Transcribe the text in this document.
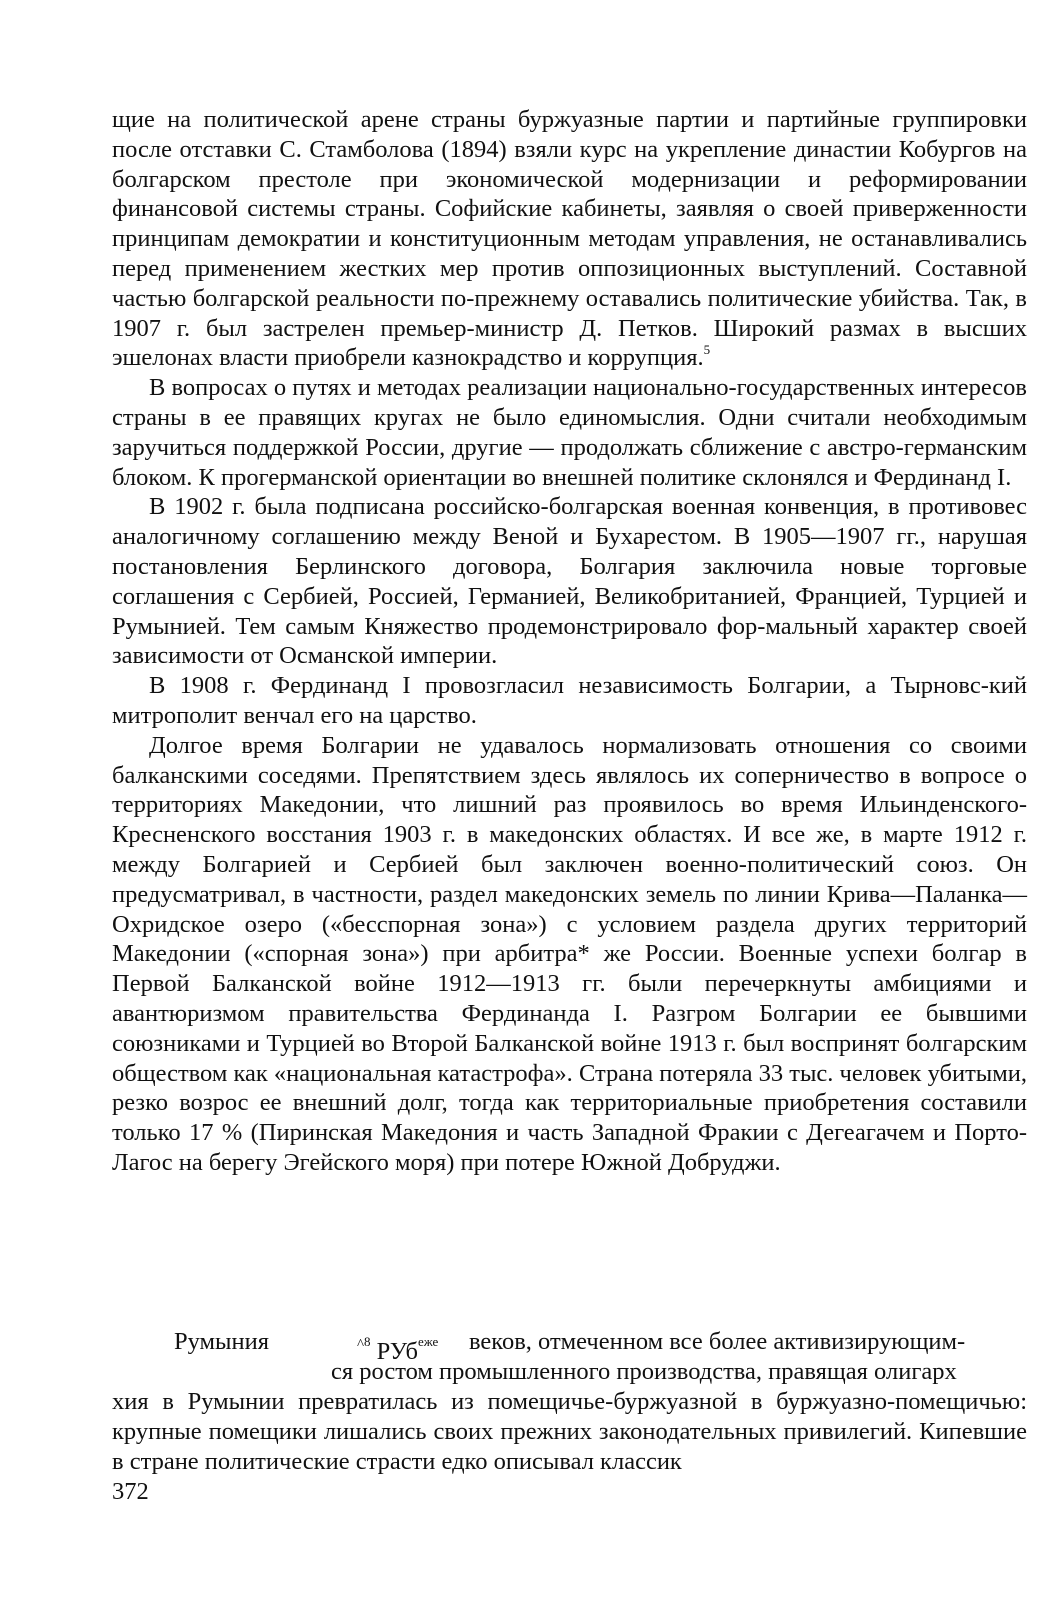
щие на политической арене страны буржуазные партии и партийные группировки после отставки С. Стамболова (1894) взяли курс на укрепление династии Кобургов на болгарском престоле при экономической модернизации и реформировании финансовой системы страны. Софийские кабинеты, заявляя о своей приверженности принципам демократии и конституционным методам управления, не останавливались перед применением жестких мер против оппозиционных выступлений. Составной частью болгарской реальности по-прежнему оставались политические убийства. Так, в 1907 г. был застрелен премьер-министр Д. Петков. Широкий размах в высших эшелонах власти приобрели казнокрадство и коррупция.$^5$

В вопросах о путях и методах реализации национально-государственных интересов страны в ее правящих кругах не было единомыслия. Одни считали необходимым заручиться поддержкой России, другие — продолжать сближение с австро-германским блоком. К прогерманской ориентации во внешней политике склонялся и Фердинанд I.

В 1902 г. была подписана российско-болгарская военная конвенция, в противовес аналогичному соглашению между Веной и Бухарестом. В 1905—1907 гг., нарушая постановления Берлинского договора, Болгария заключила новые торговые соглашения с Сербией, Россией, Германией, Великобританией, Францией, Турцией и Румынией. Тем самым Княжество продемонстрировало фор-мальный характер своей зависимости от Османской империи.

В 1908 г. Фердинанд I провозгласил независимость Болгарии, а Тырновс-кий митрополит венчал его на царство.

Долгое время Болгарии не удавалось нормализовать отношения со своими балканскими соседями. Препятствием здесь являлось их соперничество в вопросе о территориях Македонии, что лишний раз проявилось во время Ильинденского-Кресненского восстания 1903 г. в македонских областях. И все же, в марте 1912 г. между Болгарией и Сербией был заключен военно-политический союз. Он предусматривал, в частности, раздел македонских земель по линии Крива—Паланка—Охридское озеро («бесспорная зона») с условием раздела других территорий Македонии («спорная зона») при арбитра* же России. Военные успехи болгар в Первой Балканской войне 1912—1913 гг. были перечеркнуты амбициями и авантюризмом правительства Фердинанда I. Разгром Болгарии ее бывшими союзниками и Турцией во Второй Балканской войне 1913 г. был воспринят болгарским обществом как «национальная катастрофа». Страна потеряла 33 тыс. человек убитыми, резко возрос ее внешний долг, тогда как территориальные приобретения составили только 17 % (Пиринская Македония и часть Западной Фракии с Дегеагачем и Порто-Лагос на берегу Эгейского моря) при потере Южной Добруджи.

Румыния	$^{\^{}8}$ РУб$^{еже}$ веков, отмеченном все более активизирующим-
ся ростом промышленного производства, правящая олигарх

хия в Румынии превратилась из помещичье-буржуазной в буржуазно-помещичью: крупные помещики лишались своих прежних законодательных привилегий. Кипевшие в стране политические страсти едко описывал классик

372
